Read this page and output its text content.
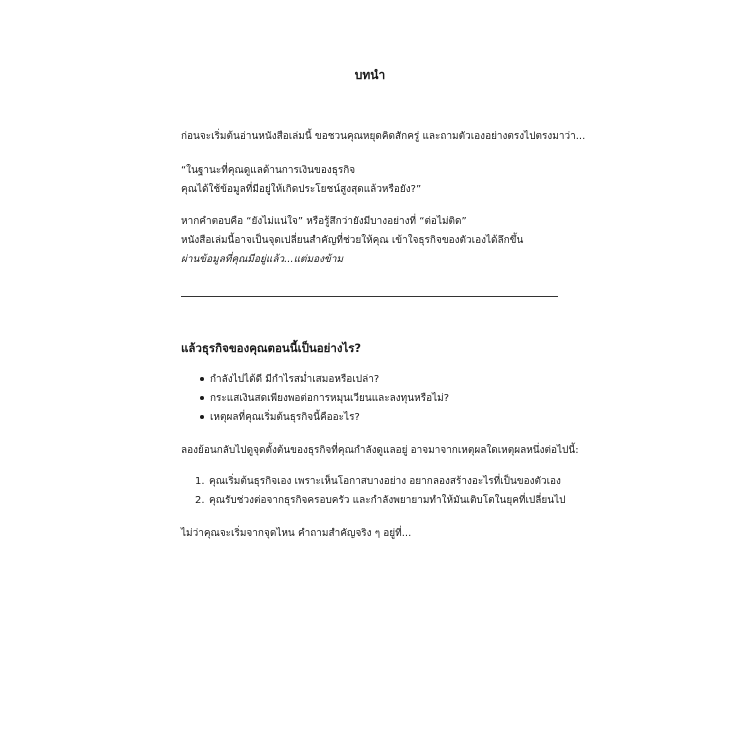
บทนำ

ก่อนจะเริ่มต้นอ่านหนังสือเล่มนี้ ขอชวนคุณหยุดคิดสักครู่ และถามตัวเองอย่างตรงไปตรงมาว่า...

“ในฐานะที่คุณดูแลด้านการเงินของธุรกิจ
คุณได้ใช้ข้อมูลที่มีอยู่ให้เกิดประโยชน์สูงสุดแล้วหรือยัง?”

หากคำตอบคือ “ยังไม่แน่ใจ” หรือรู้สึกว่ายังมีบางอย่างที่ “ต่อไม่ติด”
หนังสือเล่มนี้อาจเป็นจุดเปลี่ยนสำคัญที่ช่วยให้คุณ เข้าใจธุรกิจของตัวเองได้ลึกขึ้น
ผ่านข้อมูลที่คุณมีอยู่แล้ว...แต่มองข้าม

แล้วธุรกิจของคุณตอนนี้เป็นอย่างไร?
กำลังไปได้ดี มีกำไรสม่ำเสมอหรือเปล่า?
กระแสเงินสดเพียงพอต่อการหมุนเวียนและลงทุนหรือไม่?
เหตุผลที่คุณเริ่มต้นธุรกิจนี้คืออะไร?

ลองย้อนกลับไปดูจุดตั้งต้นของธุรกิจที่คุณกำลังดูแลอยู่ อาจมาจากเหตุผลใดเหตุผลหนึ่งต่อไปนี้:

1. คุณเริ่มต้นธุรกิจเอง เพราะเห็นโอกาสบางอย่าง อยากลองสร้างอะไรที่เป็นของตัวเอง
2. คุณรับช่วงต่อจากธุรกิจครอบครัว และกำลังพยายามทำให้มันเติบโตในยุคที่เปลี่ยนไป

ไม่ว่าคุณจะเริ่มจากจุดไหน คำถามสำคัญจริง ๆ อยู่ที่...
